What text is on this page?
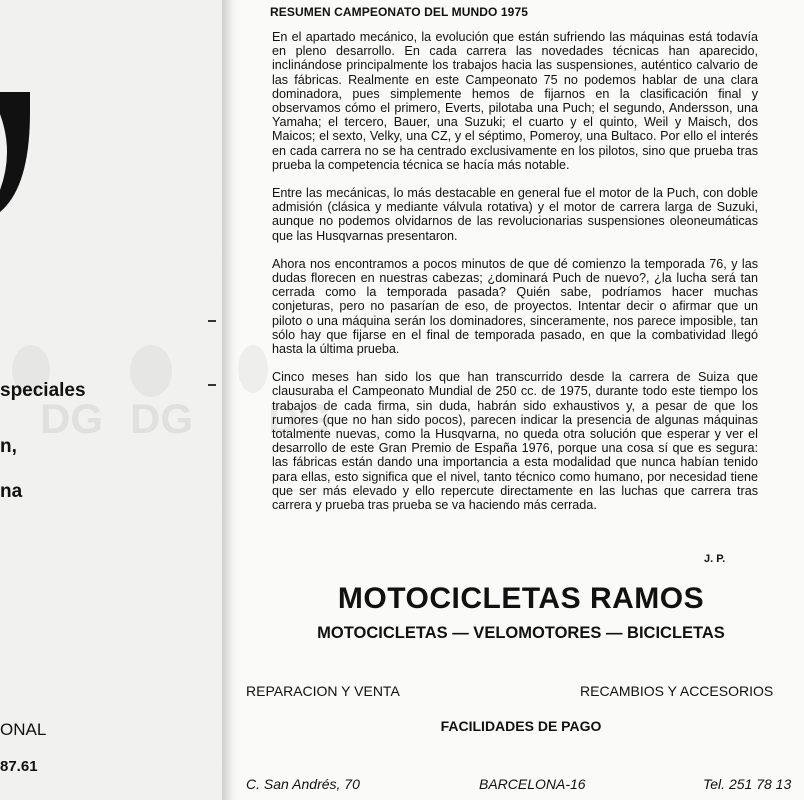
DG DG
speciales
n,
na
ONAL
87.61
DG
RESUMEN CAMPEONATO DEL MUNDO 1975

En el apartado mecánico, la evolución que están sufriendo las máquinas está todavía en pleno desarrollo. En cada carrera las novedades técnicas han aparecido, inclinándose principalmente los trabajos hacia las suspensiones, auténtico calvario de las fábricas. Realmente en este Campeonato 75 no podemos hablar de una clara dominadora, pues simplemente hemos de fijarnos en la clasificación final y observamos cómo el primero, Everts, pilotaba una Puch; el segundo, Andersson, una Yamaha; el tercero, Bauer, una Suzuki; el cuarto y el quinto, Weil y Maisch, dos Maicos; el sexto, Velky, una CZ, y el séptimo, Pomeroy, una Bultaco. Por ello el interés en cada carrera no se ha centrado exclusivamente en los pilotos, sino que prueba tras prueba la competencia técnica se hacía más notable.

Entre las mecánicas, lo más destacable en general fue el motor de la Puch, con doble admisión (clásica y mediante válvula rotativa) y el motor de carrera larga de Suzuki, aunque no podemos olvidarnos de las revolucionarias suspensiones oleoneumáticas que las Husqvarnas presentaron.

Ahora nos encontramos a pocos minutos de que dé comienzo la temporada 76, y las dudas florecen en nuestras cabezas; ¿dominará Puch de nuevo?, ¿la lucha será tan cerrada como la temporada pasada? Quién sabe, podríamos hacer muchas conjeturas, pero no pasarían de eso, de proyectos. Intentar decir o afirmar que un piloto o una máquina serán los dominadores, sinceramente, nos parece imposible, tan sólo hay que fijarse en el final de temporada pasado, en que la combatividad llegó hasta la última prueba.

Cinco meses han sido los que han transcurrido desde la carrera de Suiza que clausuraba el Campeonato Mundial de 250 cc. de 1975, durante todo este tiempo los trabajos de cada firma, sin duda, habrán sido exhaustivos y, a pesar de que los rumores (que no han sido pocos), parecen indicar la presencia de algunas máquinas totalmente nuevas, como la Husqvarna, no queda otra solución que esperar y ver el desarrollo de este Gran Premio de España 1976, porque una cosa sí que es segura: las fábricas están dando una importancia a esta modalidad que nunca habían tenido para ellas, esto significa que el nivel, tanto técnico como humano, por necesidad tiene que ser más elevado y ello repercute directamente en las luchas que carrera tras carrera y prueba tras prueba se va haciendo más cerrada.

J. P.
MOTOCICLETAS RAMOS
MOTOCICLETAS — VELOMOTORES — BICICLETAS
REPARACION Y VENTA	RECAMBIOS Y ACCESORIOS
FACILIDADES DE PAGO
C. San Andrés, 70	BARCELONA-16	Tel. 251 78 13
